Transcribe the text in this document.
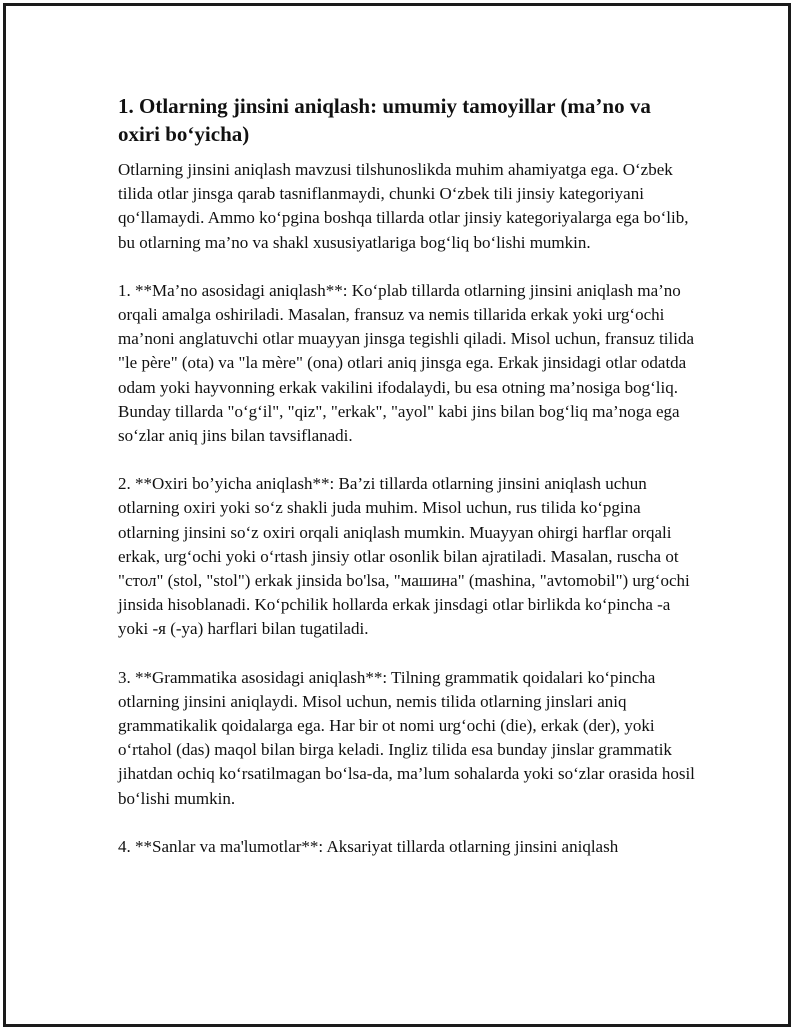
1. Otlarning jinsini aniqlash: umumiy tamoyillar (ma’no va oxiri bo‘yicha)

Otlarning jinsini aniqlash mavzusi tilshunoslikda muhim ahamiyatga ega. O‘zbek tilida otlar jinsga qarab tasniflanmaydi, chunki O‘zbek tili jinsiy kategoriyani qo‘llamaydi. Ammo ko‘pgina boshqa tillarda otlar jinsiy kategoriyalarga ega bo‘lib, bu otlarning ma’no va shakl xususiyatlariga bog‘liq bo‘lishi mumkin.

1. **Ma’no asosidagi aniqlash**: Ko‘plab tillarda otlarning jinsini aniqlash ma’no orqali amalga oshiriladi. Masalan, fransuz va nemis tillarida erkak yoki urg‘ochi ma’noni anglatuvchi otlar muayyan jinsga tegishli qiladi. Misol uchun, fransuz tilida "le père" (ota) va "la mère" (ona) otlari aniq jinsga ega. Erkak jinsidagi otlar odatda odam yoki hayvonning erkak vakilini ifodalaydi, bu esa otning ma’nosiga bog‘liq. Bunday tillarda "o‘g‘il", "qiz", "erkak", "ayol" kabi jins bilan bog‘liq ma’noga ega so‘zlar aniq jins bilan tavsiflanadi.

2. **Oxiri bo’yicha aniqlash**: Ba’zi tillarda otlarning jinsini aniqlash uchun otlarning oxiri yoki so‘z shakli juda muhim. Misol uchun, rus tilida ko‘pgina otlarning jinsini so‘z oxiri orqali aniqlash mumkin. Muayyan ohirgi harflar orqali erkak, urg‘ochi yoki o‘rtash jinsiy otlar osonlik bilan ajratiladi. Masalan, ruscha ot "стол" (stol, "stol") erkak jinsida bo'lsa, "машина" (mashina, "avtomobil") urg‘ochi jinsida hisoblanadi. Ko‘pchilik hollarda erkak jinsdagi otlar birlikda ko‘pincha -а yoki -я (-ya) harflari bilan tugatiladi.

3. **Grammatika asosidagi aniqlash**: Tilning grammatik qoidalari ko‘pincha otlarning jinsini aniqlaydi. Misol uchun, nemis tilida otlarning jinslari aniq grammatikalik qoidalarga ega. Har bir ot nomi urg‘ochi (die), erkak (der), yoki o‘rtahol (das) maqol bilan birga keladi. Ingliz tilida esa bunday jinslar grammatik jihatdan ochiq ko‘rsatilmagan bo‘lsa-da, ma’lum sohalarda yoki so‘zlar orasida hosil bo‘lishi mumkin.

4. **Sanlar va ma'lumotlar**: Aksariyat tillarda otlarning jinsini aniqlash
